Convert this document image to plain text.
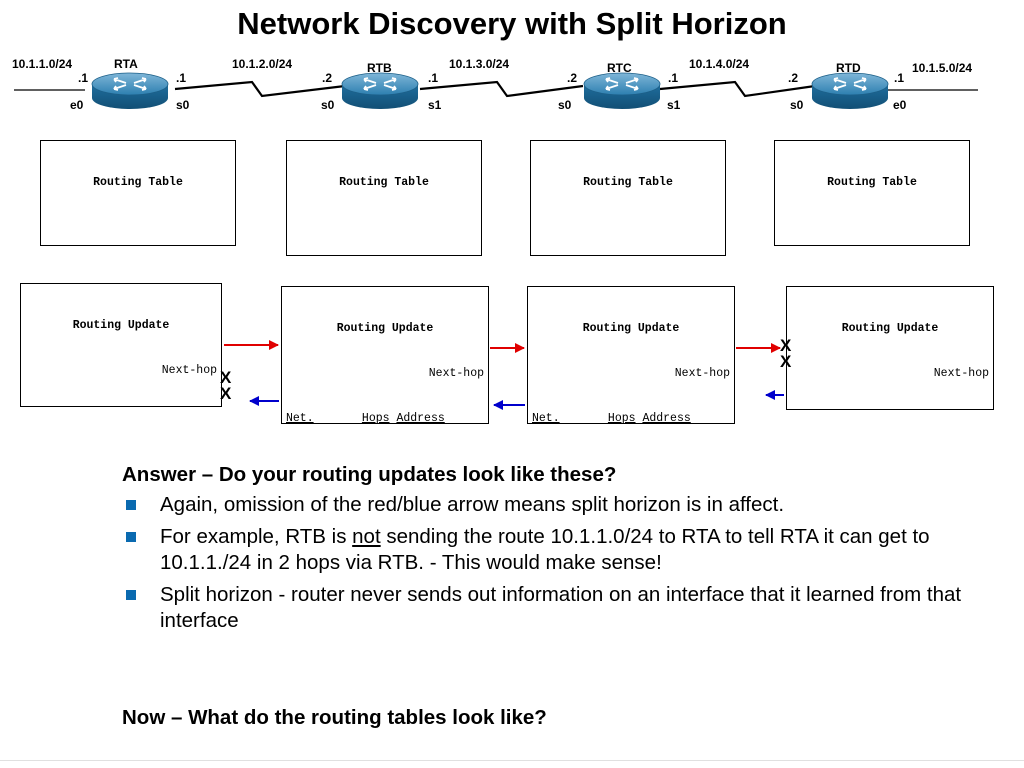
Network Discovery with Split Horizon
10.1.1.0/24	10.1.2.0/24	10.1.3.0/24	10.1.4.0/24	10.1.5.0/24
RTA	RTB	RTC	RTD
.1	.1	.2	.1	.2	.1	.2	.1
e0	s0	s0	s1	s0	s1	s0	e0

Routing Table

	Routing Table

	Routing Table

	Routing Table

Routing Update

Next-hop

Routing Update

Next-hop

Net.	Hops Address

Routing Update

Next-hop

Net.	Hops Address

Routing Update

Next-hop

X
X
X
X
Answer – Do your routing updates look like these?
Again, omission of the red/blue arrow means split horizon is in affect.
For example, RTB is not sending the route 10.1.1.0/24 to RTA to tell RTA it can get to 10.1.1./24 in 2 hops via RTB. - This would make sense!
Split horizon - router never sends out information on an interface that it learned from that interface
Now – What do the routing tables look like?
